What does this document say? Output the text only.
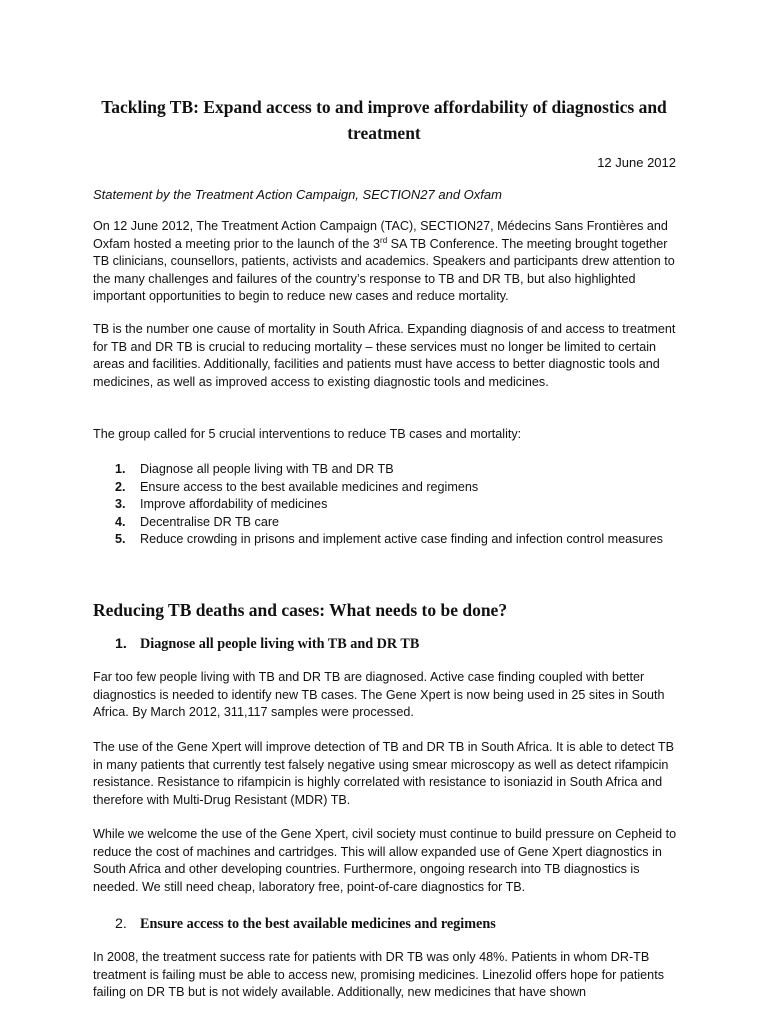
Tackling TB: Expand access to and improve affordability of diagnostics and treatment

12 June 2012

Statement by the Treatment Action Campaign, SECTION27 and Oxfam

On 12 June 2012, The Treatment Action Campaign (TAC), SECTION27, Médecins Sans Frontières and Oxfam hosted a meeting prior to the launch of the 3rd SA TB Conference. The meeting brought together TB clinicians, counsellors, patients, activists and academics. Speakers and participants drew attention to the many challenges and failures of the country’s response to TB and DR TB, but also highlighted important opportunities to begin to reduce new cases and reduce mortality.

TB is the number one cause of mortality in South Africa. Expanding diagnosis of and access to treatment for TB and DR TB is crucial to reducing mortality – these services must no longer be limited to certain areas and facilities. Additionally, facilities and patients must have access to better diagnostic tools and medicines, as well as improved access to existing diagnostic tools and medicines.

The group called for 5 crucial interventions to reduce TB cases and mortality:

1. Diagnose all people living with TB and DR TB
2. Ensure access to the best available medicines and regimens
3. Improve affordability of medicines
4. Decentralise DR TB care
5. Reduce crowding in prisons and implement active case finding and infection control measures
Reducing TB deaths and cases: What needs to be done?
1. Diagnose all people living with TB and DR TB

Far too few people living with TB and DR TB are diagnosed. Active case finding coupled with better diagnostics is needed to identify new TB cases. The Gene Xpert is now being used in 25 sites in South Africa. By March 2012, 311,117 samples were processed.

The use of the Gene Xpert will improve detection of TB and DR TB in South Africa. It is able to detect TB in many patients that currently test falsely negative using smear microscopy as well as detect rifampicin resistance. Resistance to rifampicin is highly correlated with resistance to isoniazid in South Africa and therefore with Multi-Drug Resistant (MDR) TB.

While we welcome the use of the Gene Xpert, civil society must continue to build pressure on Cepheid to reduce the cost of machines and cartridges. This will allow expanded use of Gene Xpert diagnostics in South Africa and other developing countries. Furthermore, ongoing research into TB diagnostics is needed. We still need cheap, laboratory free, point-of-care diagnostics for TB.

2. Ensure access to the best available medicines and regimens

In 2008, the treatment success rate for patients with DR TB was only 48%. Patients in whom DR-TB treatment is failing must be able to access new, promising medicines. Linezolid offers hope for patients failing on DR TB but is not widely available. Additionally, new medicines that have shown
